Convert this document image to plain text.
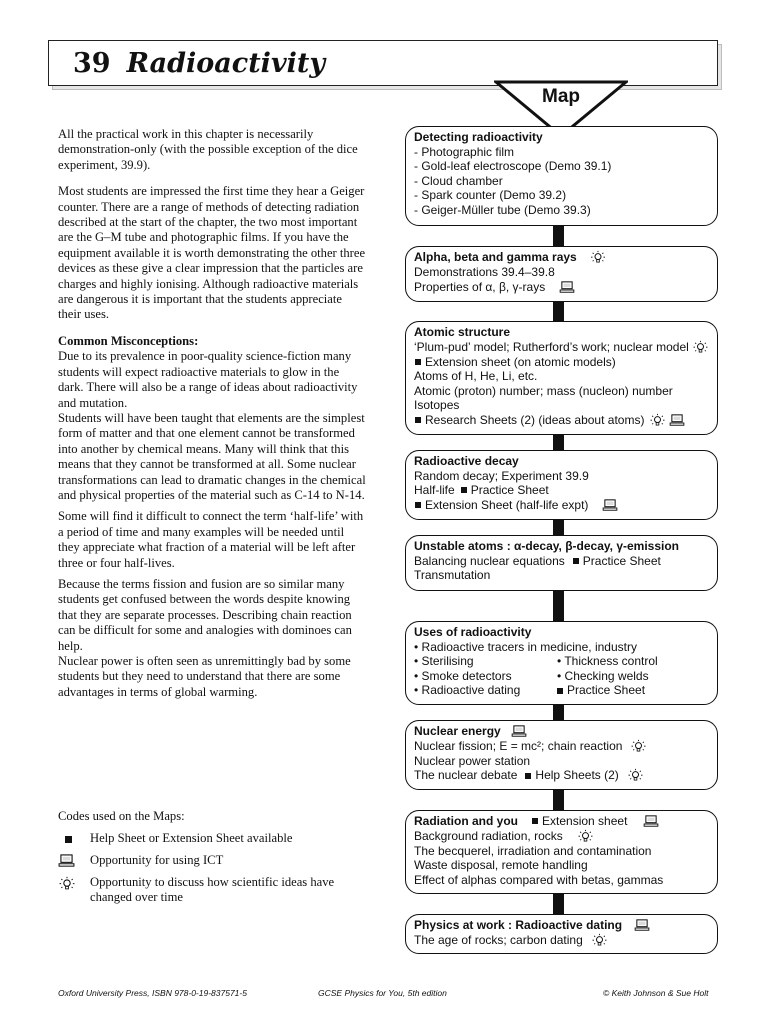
39 Radioactivity
Map

All the practical work in this chapter is necessarily demonstration-only (with the possible exception of the dice experiment, 39.9).

Most students are impressed the first time they hear a Geiger counter. There are a range of methods of detecting radiation described at the start of the chapter, the two most important are the G–M tube and photographic films. If you have the equipment available it is worth demonstrating the other three devices as these give a clear impression that the particles are charges and highly ionising. Although radioactive materials are dangerous it is important that the students appreciate their uses.

Common Misconceptions:

Due to its prevalence in poor-quality science-fiction many students will expect radioactive materials to glow in the dark. There will also be a range of ideas about radioactivity and mutation.

Students will have been taught that elements are the simplest form of matter and that one element cannot be transformed into another by chemical means. Many will think that this means that they cannot be transformed at all. Some nuclear transformations can lead to dramatic changes in the chemical and physical properties of the material such as C-14 to N-14.

Some will find it difficult to connect the term ‘half-life’ with a period of time and many examples will be needed until they appreciate what fraction of a material will be left after three or four half-lives.

Because the terms fission and fusion are so similar many students get confused between the words despite knowing that they are separate processes. Describing chain reaction can be difficult for some and analogies with dominoes can help.

Nuclear power is often seen as unremittingly bad by some students but they need to understand that there are some advantages in terms of global warming.

Codes used on the Maps:
Help Sheet or Extension Sheet available
Opportunity for using ICT
Opportunity to discuss how scientific ideas have changed over time
Detecting radioactivity
- Photographic film
- Gold-leaf electroscope (Demo 39.1)
- Cloud chamber
- Spark counter (Demo 39.2)
- Geiger-Müller tube (Demo 39.3)
Alpha, beta and gamma rays
Demonstrations 39.4–39.8
Properties of α, β, γ-rays
Atomic structure
‘Plum-pud’ model; Rutherford’s work; nuclear model
Extension sheet (on atomic models)
Atoms of H, He, Li, etc.
Atomic (proton) number; mass (nucleon) number
Isotopes
Research Sheets (2) (ideas about atoms)
Radioactive decay
Random decay; Experiment 39.9
Half-life Practice Sheet
Extension Sheet (half-life expt)
Unstable atoms : α-decay, β-decay, γ-emission
Balancing nuclear equations Practice Sheet
Transmutation
Uses of radioactivity
• Radioactive tracers in medicine, industry
• Sterilising	• Thickness control
• Smoke detectors	• Checking welds
• Radioactive dating	Practice Sheet
Nuclear energy
Nuclear fission; E = mc²; chain reaction
Nuclear power station
The nuclear debate Help Sheets (2)
Radiation and you Extension sheet
Background radiation, rocks
The becquerel, irradiation and contamination
Waste disposal, remote handling
Effect of alphas compared with betas, gammas
Physics at work : Radioactive dating
The age of rocks; carbon dating
Oxford University Press, ISBN 978-0-19-837571-5	GCSE Physics for You, 5th edition	© Keith Johnson & Sue Holt
